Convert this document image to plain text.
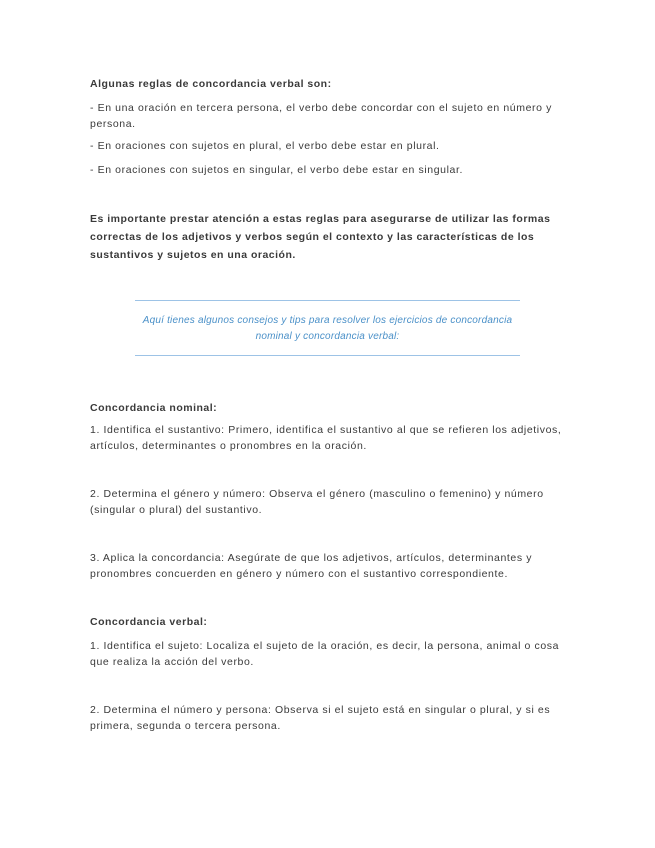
Algunas reglas de concordancia verbal son:

- En una oración en tercera persona, el verbo debe concordar con el sujeto en número y persona.

- En oraciones con sujetos en plural, el verbo debe estar en plural.

- En oraciones con sujetos en singular, el verbo debe estar en singular.

Es importante prestar atención a estas reglas para asegurarse de utilizar las formas correctas de los adjetivos y verbos según el contexto y las características de los sustantivos y sujetos en una oración.

Aquí tienes algunos consejos y tips para resolver los ejercicios de concordancia nominal y concordancia verbal:

Concordancia nominal:

1. Identifica el sustantivo: Primero, identifica el sustantivo al que se refieren los adjetivos, artículos, determinantes o pronombres en la oración.

2. Determina el género y número: Observa el género (masculino o femenino) y número (singular o plural) del sustantivo.

3. Aplica la concordancia: Asegúrate de que los adjetivos, artículos, determinantes y pronombres concuerden en género y número con el sustantivo correspondiente.

Concordancia verbal:

1. Identifica el sujeto: Localiza el sujeto de la oración, es decir, la persona, animal o cosa que realiza la acción del verbo.

2. Determina el número y persona: Observa si el sujeto está en singular o plural, y si es primera, segunda o tercera persona.
